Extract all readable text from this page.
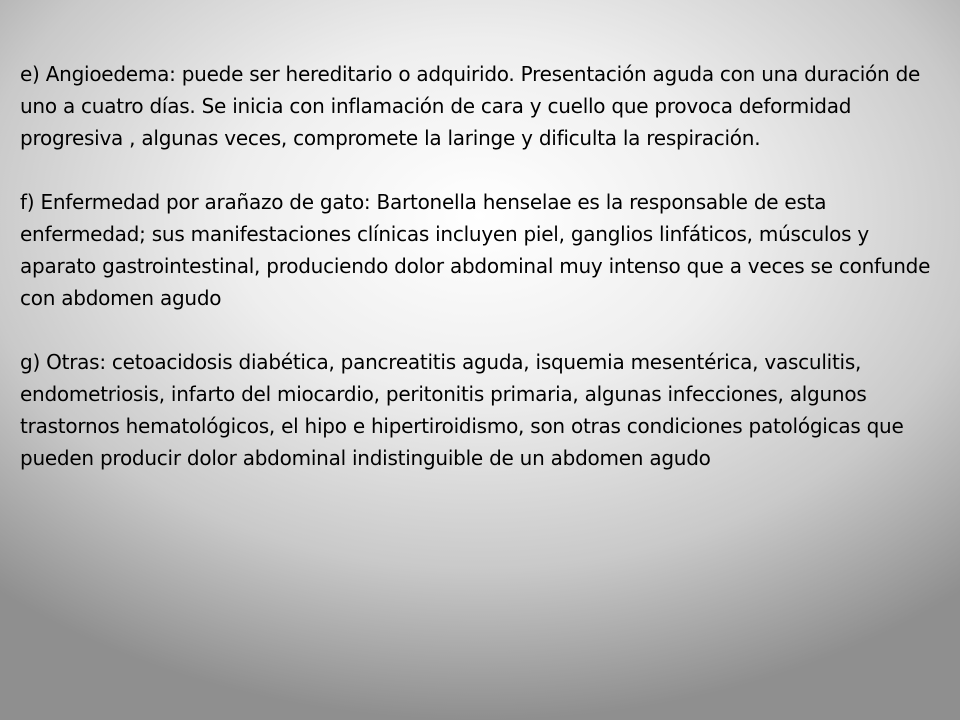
e) Angioedema: puede ser hereditario o adquirido. Presentación aguda con una duración de uno a cuatro días. Se inicia con inflamación de cara y cuello que provoca deformidad progresiva , algunas veces, compromete la laringe y dificulta la respiración.

f) Enfermedad por arañazo de gato: Bartonella henselae es la responsable de esta enfermedad; sus manifestaciones clínicas incluyen piel, ganglios linfáticos, músculos y aparato gastrointestinal, produciendo dolor abdominal muy intenso que a veces se confunde con abdomen agudo

g) Otras: cetoacidosis diabética, pancreatitis aguda, isquemia mesentérica, vasculitis, endometriosis, infarto del miocardio, peritonitis primaria, algunas infecciones, algunos trastornos hematológicos, el hipo e hipertiroidismo, son otras condiciones patológicas que pueden producir dolor abdominal indistinguible de un abdomen agudo
